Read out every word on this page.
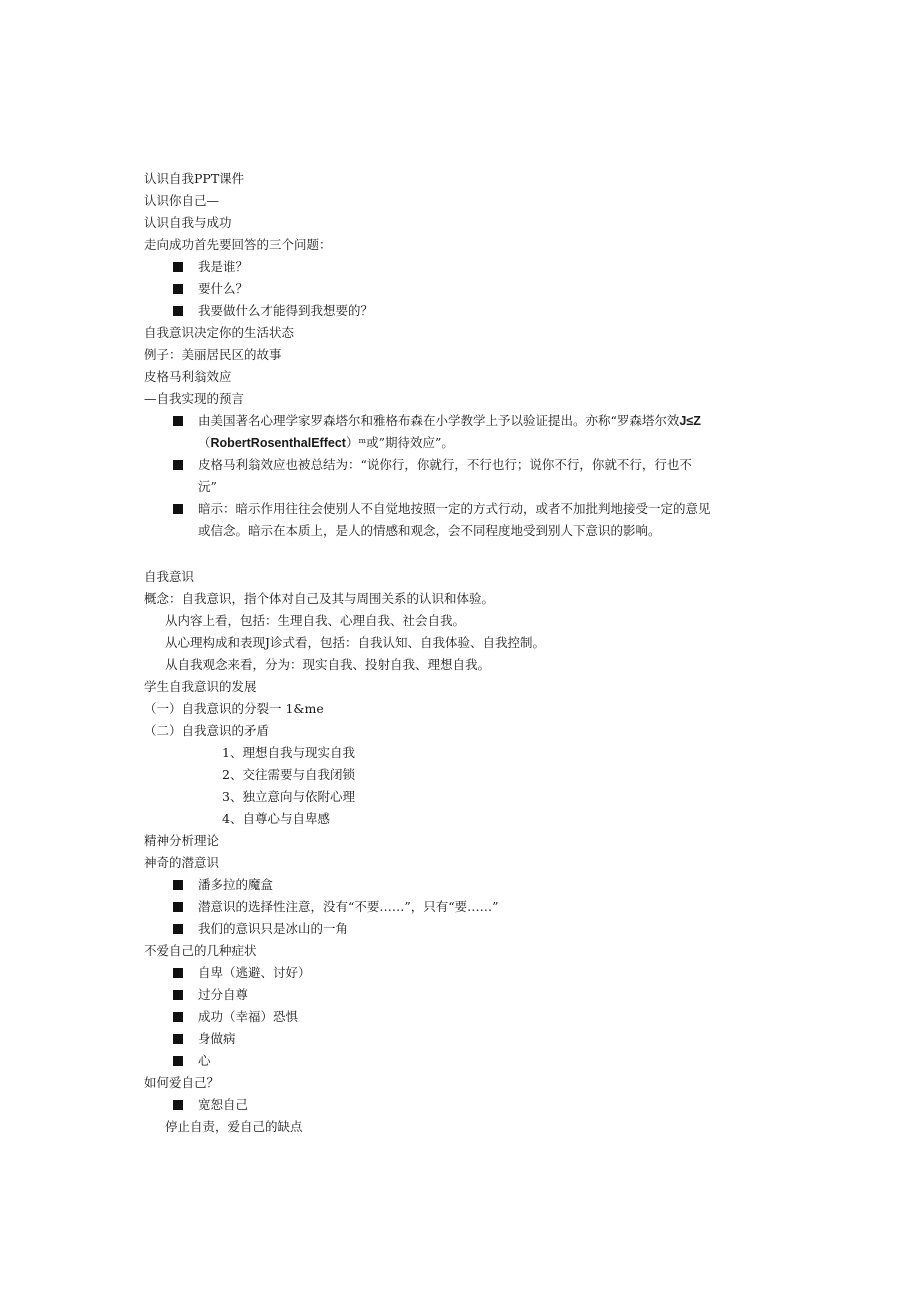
认识自我PPT课件
认识你自己—
认识自我与成功
走向成功首先要回答的三个问题：
我是谁？
要什么？
我要做什么才能得到我想要的？
自我意识决定你的生活状态
例子：美丽居民区的故事
皮格马利翁效应
—自我实现的预言
由美国著名心理学家罗森塔尔和雅格布森在小学教学上予以验证提出。亦称“罗森塔尔效J≤Z
（RobertRosenthalEffect）ᵐ或”期待效应”。
皮格马利翁效应也被总结为：“说你行，你就行，不行也行；说你不行，你就不行，行也不
沅”
暗示：暗示作用往往会使别人不自觉地按照一定的方式行动，或者不加批判地接受一定的意见
或信念。暗示在本质上，是人的情感和观念，会不同程度地受到别人下意识的影响。
自我意识
概念：自我意识，指个体对自己及其与周围关系的认识和体验。
从内容上看，包括：生理自我、心理自我、社会自我。
从心理构成和表现J诊式看，包括：自我认知、自我体验、自我控制。
从自我观念来看，分为：现实自我、投射自我、理想自我。
学生自我意识的发展
（一）自我意识的分裂一 1&me
（二）自我意识的矛盾
1、理想自我与现实自我
2、交往需要与自我闭锁
3、独立意向与依附心理
4、自尊心与自卑感
精神分析理论
神奇的潜意识
潘多拉的魔盒
潜意识的选择性注意，没有“不要……”，只有“要……”
我们的意识只是冰山的一角
不爱自己的几种症状
自卑（逃避、讨好）
过分自尊
成功（幸福）恐惧
身做病
心
如何爱自己？
宽恕自己
停止自责，爱自己的缺点
